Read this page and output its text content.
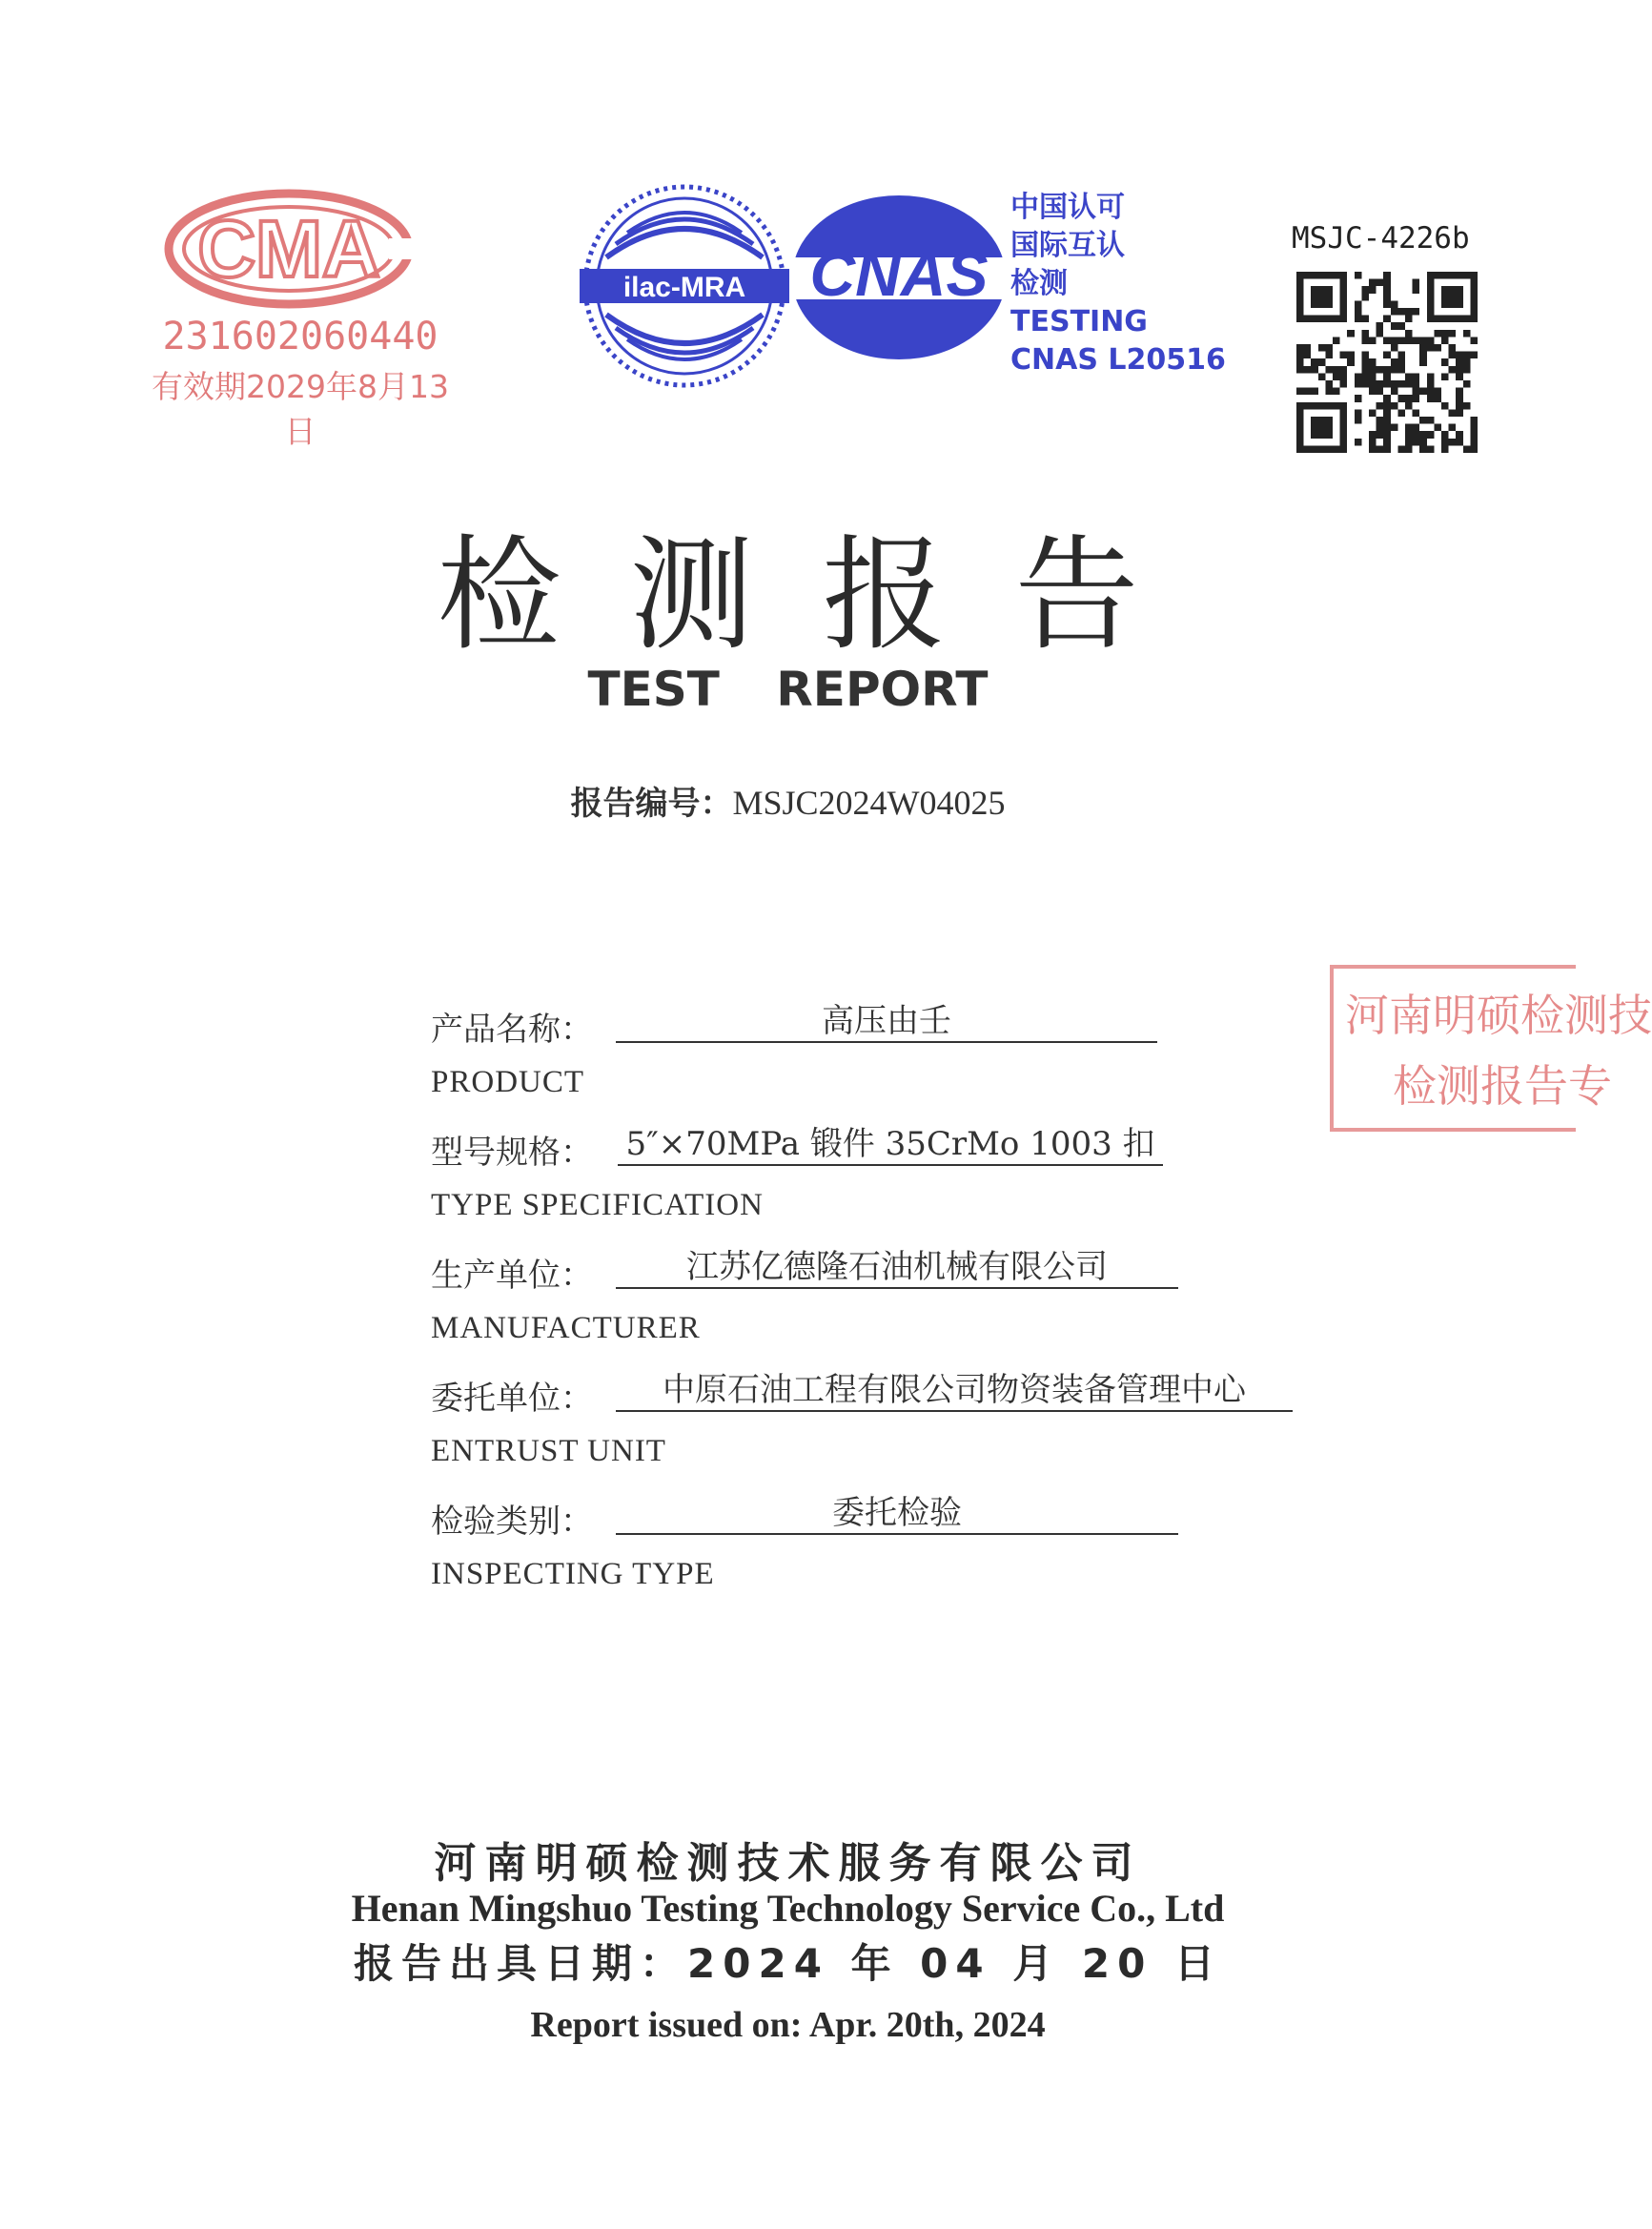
CMA
231602060440
有效期2029年8月13日
ilac-MRA CNAS
中国认可
国际互认
检测
TESTING
CNAS L20516
MSJC-4226b
检测报告
TEST REPORT
报告编号：MSJC2024W04025
产品名称：	高压由壬
PRODUCT
型号规格： 5″×70MPa 锻件 35CrMo 1003 扣
TYPE SPECIFICATION
生产单位：	江苏亿德隆石油机械有限公司
MANUFACTURER
委托单位：	中原石油工程有限公司物资装备管理中心
ENTRUST UNIT
检验类别：	委托检验
INSPECTING TYPE
河南明硕检测技
检测报告专
河南明硕检测技术服务有限公司
Henan Mingshuo Testing Technology Service Co., Ltd
报告出具日期：2024 年 04 月 20 日
Report issued on: Apr. 20th, 2024
